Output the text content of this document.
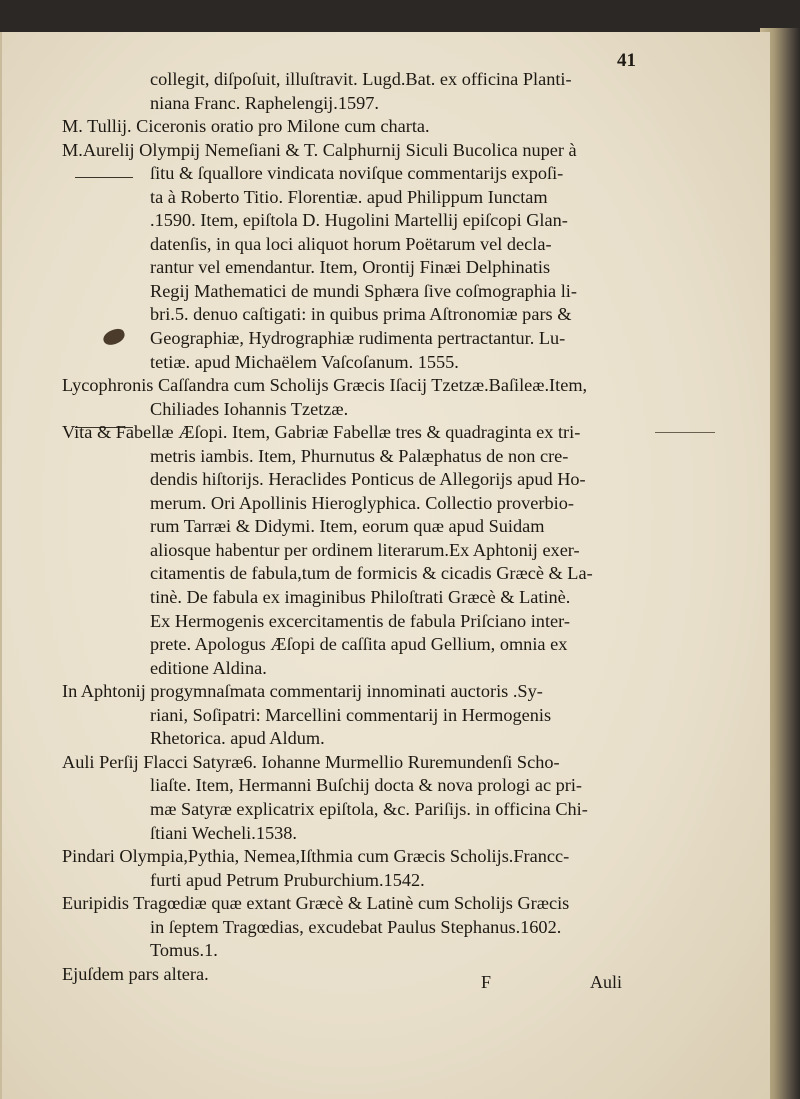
41
collegit, diſpoſuit, illuſtravit. Lugd.Bat. ex officina Planti-
niana Franc. Raphelengij.1597.
M. Tullij. Ciceronis oratio pro Milone cum charta.
M.Aurelij Olympij Nemeſiani & T. Calphurnij Siculi Bucolica nuper à
ſitu & ſquallore vindicata noviſque commentarijs expoſi-
ta à Roberto Titio. Florentiæ. apud Philippum Iunctam
.1590. Item, epiſtola D. Hugolini Martellij epiſcopi Glan-
datenſis, in qua loci aliquot horum Poëtarum vel decla-
rantur vel emendantur. Item, Orontij Finæi Delphinatis
Regij Mathematici de mundi Sphæra ſive coſmographia li-
bri.5. denuo caſtigati: in quibus prima Aſtronomiæ pars &
Geographiæ, Hydrographiæ rudimenta pertractantur. Lu-
tetiæ. apud Michaëlem Vaſcoſanum. 1555.
Lycophronis Caſſandra cum Scholijs Græcis Iſacij Tzetzæ.Baſileæ.Item,
Chiliades Iohannis Tzetzæ.
Vita & Fabellæ Æſopi. Item, Gabriæ Fabellæ tres & quadraginta ex tri-
metris iambis. Item, Phurnutus & Palæphatus de non cre-
dendis hiſtorijs. Heraclides Ponticus de Allegorijs apud Ho-
merum. Ori Apollinis Hieroglyphica. Collectio proverbio-
rum Tarræi & Didymi. Item, eorum quæ apud Suidam
aliosque habentur per ordinem literarum.Ex Aphtonij exer-
citamentis de fabula,tum de formicis & cicadis Græcè & La-
tinè. De fabula ex imaginibus Philoſtrati Græcè & Latinè.
Ex Hermogenis excercitamentis de fabula Priſciano inter-
prete. Apologus Æſopi de caſſita apud Gellium, omnia ex
editione Aldina.
In Aphtonij progymnaſmata commentarij innominati auctoris .Sy-
riani, Soſipatri: Marcellini commentarij in Hermogenis
Rhetorica. apud Aldum.
Auli Perſij Flacci Satyræ6. Iohanne Murmellio Ruremundenſi Scho-
liaſte. Item, Hermanni Buſchij docta & nova prologi ac pri-
mæ Satyræ explicatrix epiſtola, &c. Pariſijs. in officina Chi-
ſtiani Wecheli.1538.
Pindari Olympia,Pythia, Nemea,Iſthmia cum Græcis Scholijs.Francc-
furti apud Petrum Pruburchium.1542.
Euripidis Tragœdiæ quæ extant Græcè & Latinè cum Scholijs Græcis
in ſeptem Tragœdias, excudebat Paulus Stephanus.1602.
Tomus.1.
Ejuſdem pars altera.	F	Auli
